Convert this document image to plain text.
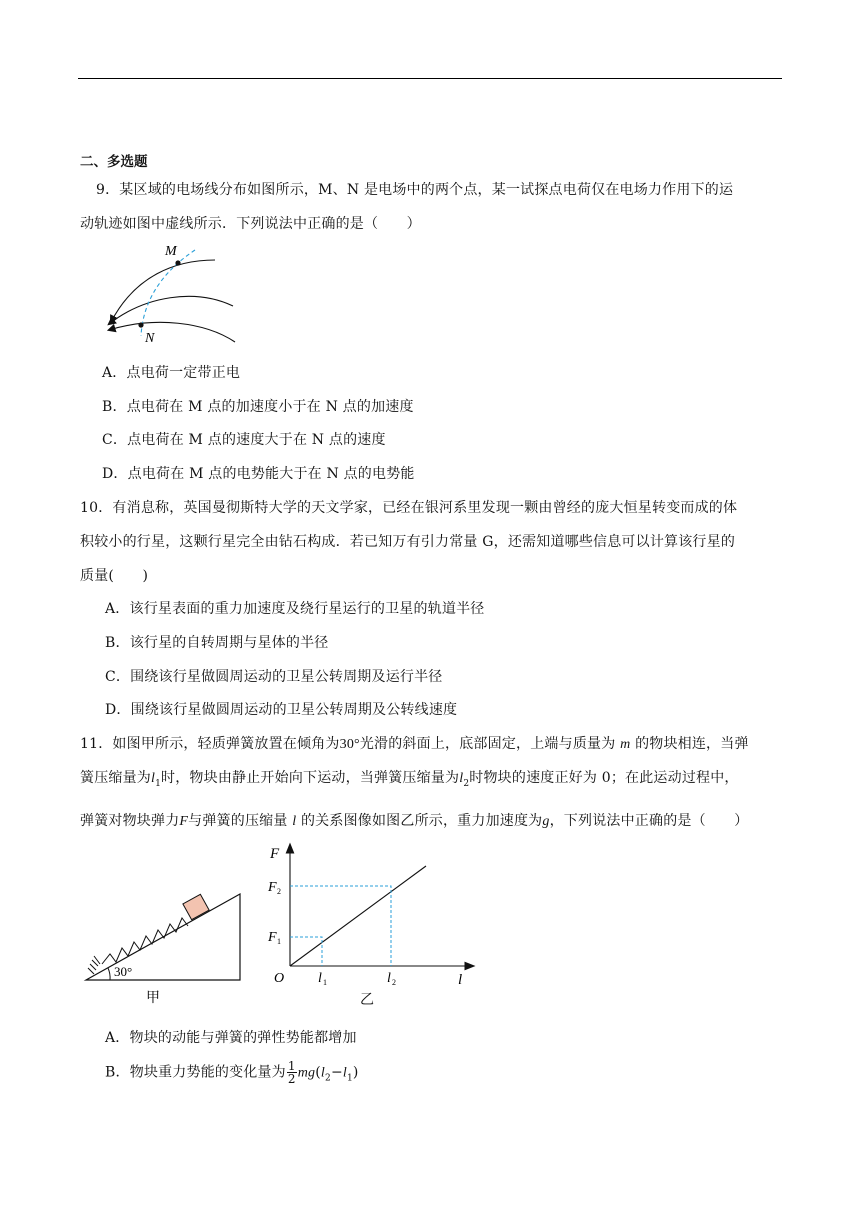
二、多选题
9．某区域的电场线分布如图所示，M、N 是电场中的两个点，某一试探点电荷仅在电场力作用下的运
动轨迹如图中虚线所示．下列说法中正确的是（　　）
M
N
A．点电荷一定带正电
B．点电荷在 M 点的加速度小于在 N 点的加速度
C．点电荷在 M 点的速度大于在 N 点的速度
D．点电荷在 M 点的电势能大于在 N 点的电势能
10．有消息称，英国曼彻斯特大学的天文学家，已经在银河系里发现一颗由曾经的庞大恒星转变而成的体
积较小的行星，这颗行星完全由钻石构成．若已知万有引力常量 G，还需知道哪些信息可以计算该行星的
质量(　　)
A．该行星表面的重力加速度及绕行星运行的卫星的轨道半径
B．该行星的自转周期与星体的半径
C．围绕该行星做圆周运动的卫星公转周期及运行半径
D．围绕该行星做圆周运动的卫星公转周期及公转线速度
11．如图甲所示，轻质弹簧放置在倾角为30°光滑的斜面上，底部固定，上端与质量为 m 的物块相连，当弹
簧压缩量为$l_1$时，物块由静止开始向下运动，当弹簧压缩量为$l_2$时物块的速度正好为 0；在此运动过程中，
弹簧对物块弹力F与弹簧的压缩量 l 的关系图像如图乙所示，重力加速度为g，下列说法中正确的是（　　）
30°
甲
F
l
O
F 2
F 1
l 1	l 2
乙
A．物块的动能与弹簧的弹性势能都增加
B．物块重力势能的变化量为 $\frac{1}{2} mg(l_2-l_1)$
